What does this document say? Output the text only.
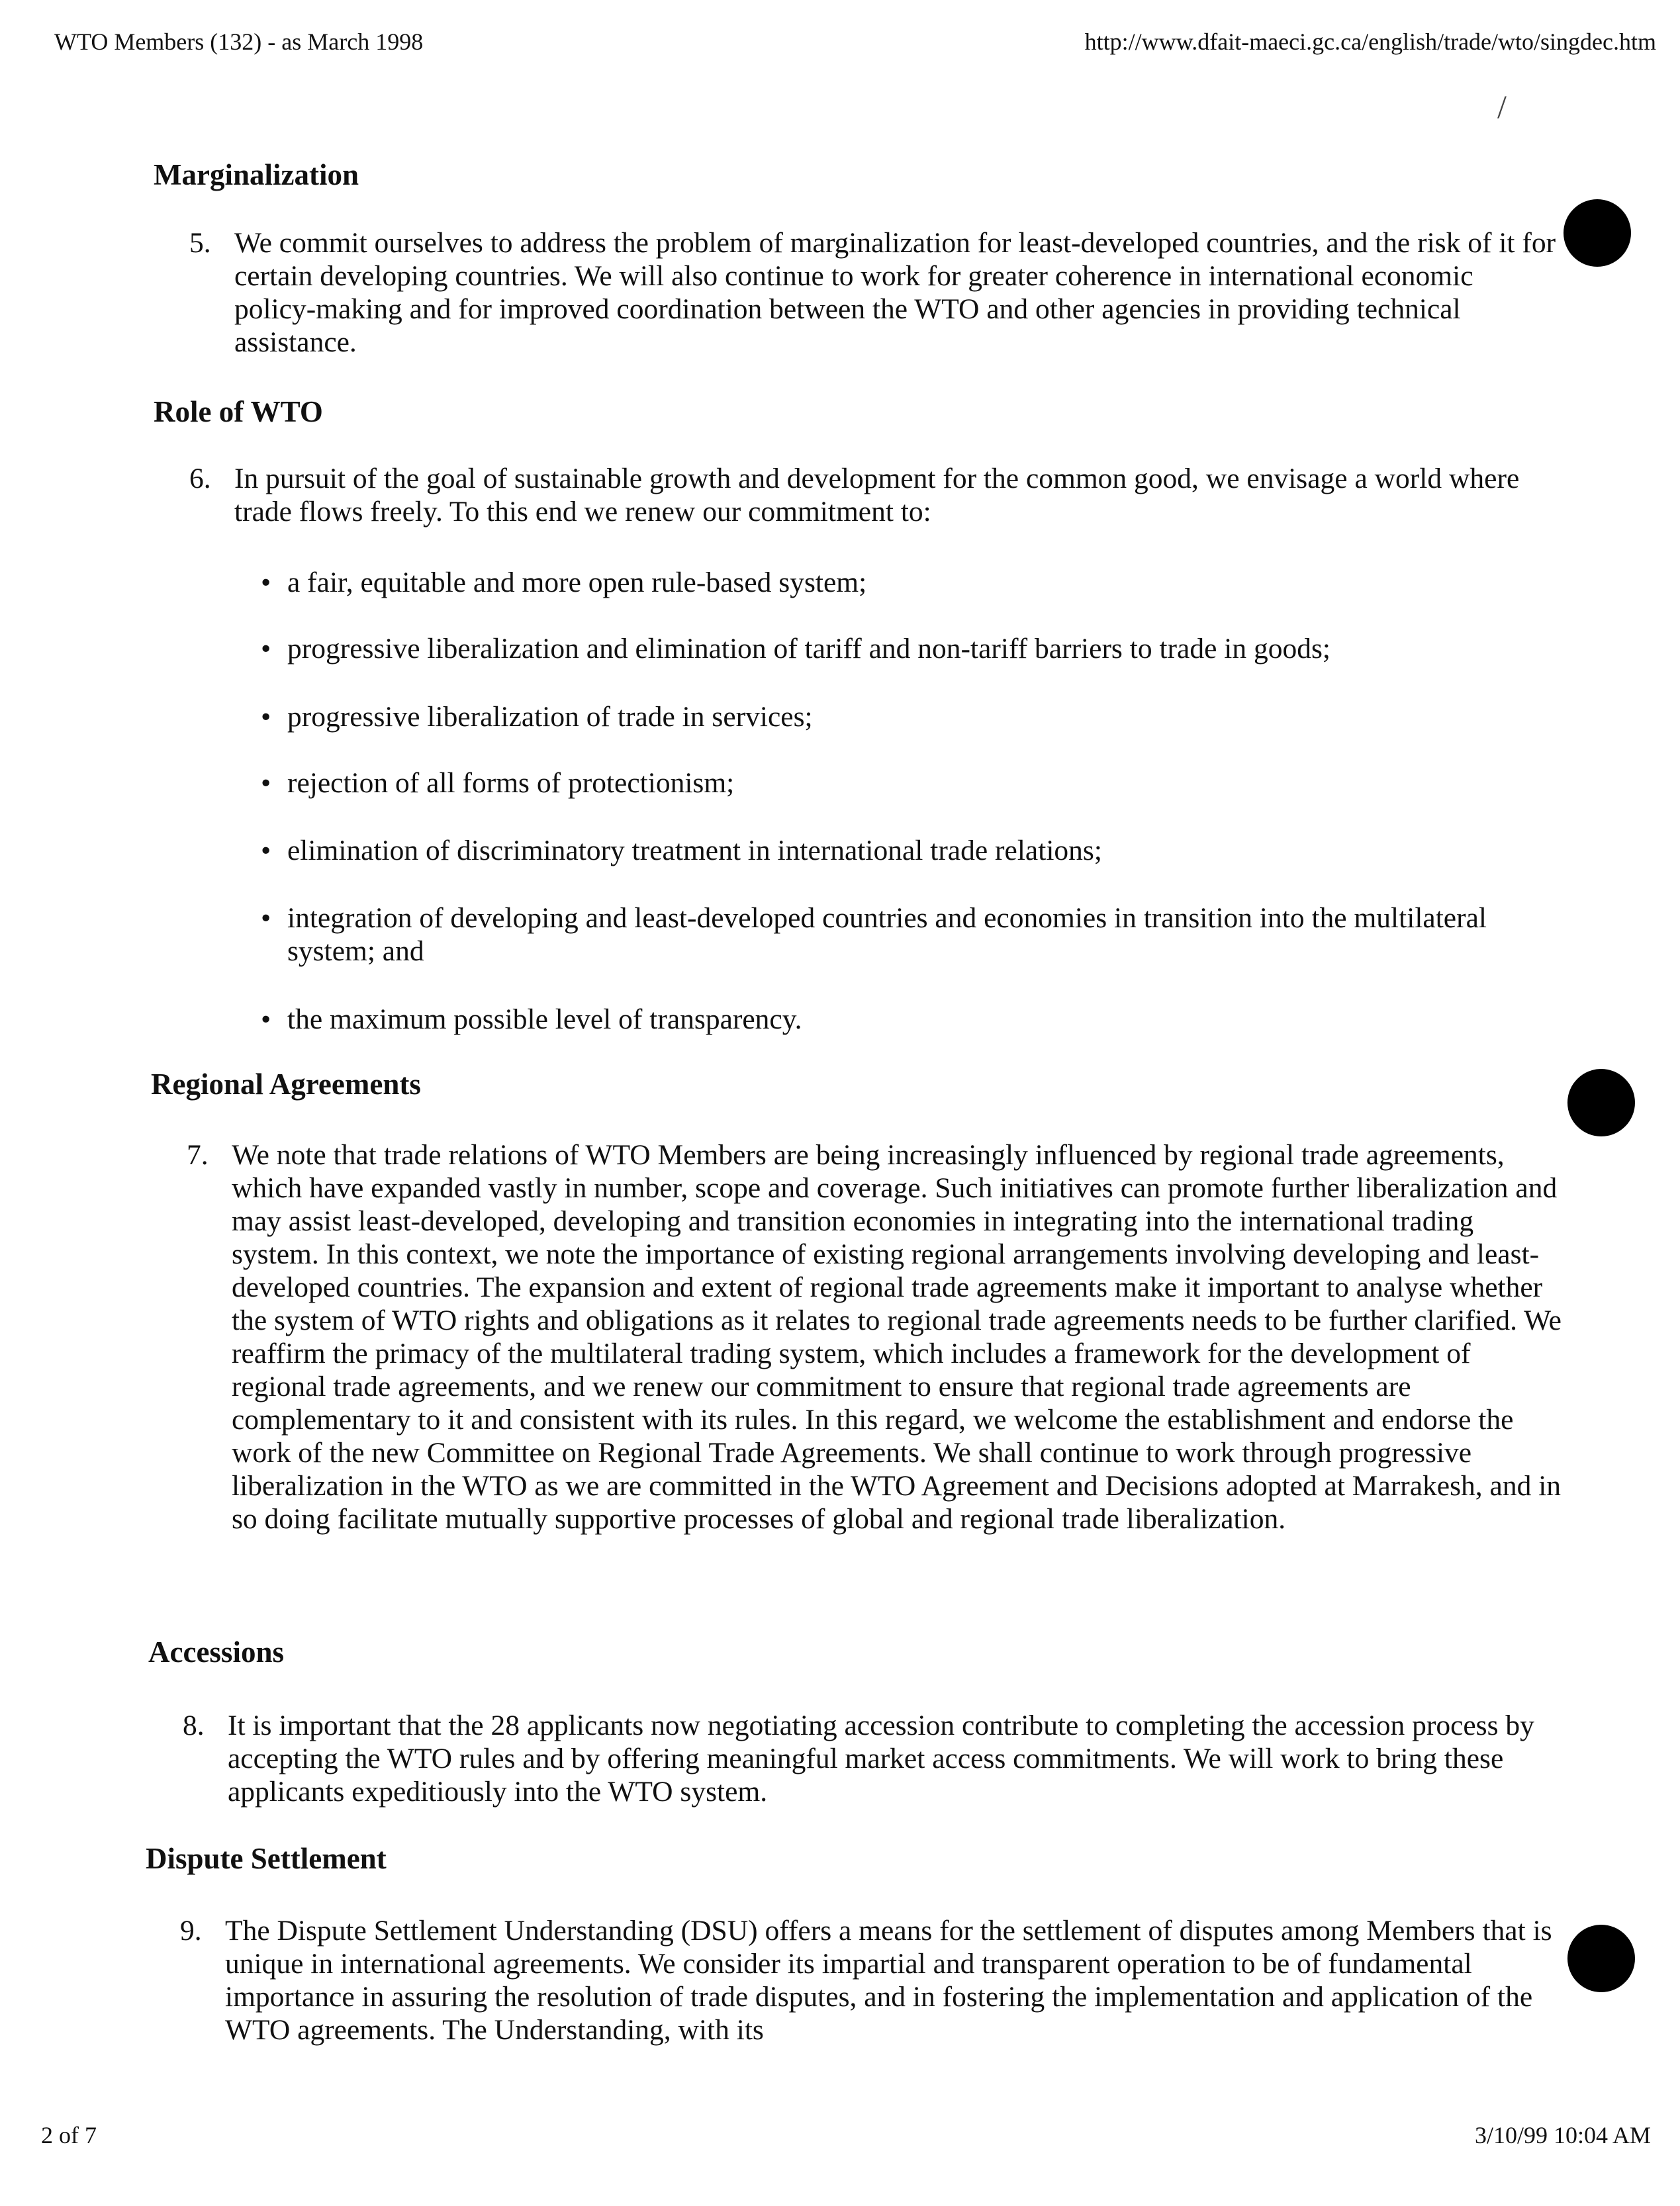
WTO Members (132) - as March 1998	http://www.dfait-maeci.gc.ca/english/trade/wto/singdec.htm
/
Marginalization
5. We commit ourselves to address the problem of marginalization for least-developed countries, and the risk of it for certain developing countries. We will also continue to work for greater coherence in international economic policy-making and for improved coordination between the WTO and other agencies in providing technical assistance.
Role of WTO
6. In pursuit of the goal of sustainable growth and development for the common good, we envisage a world where trade flows freely. To this end we renew our commitment to:
• a fair, equitable and more open rule-based system;
• progressive liberalization and elimination of tariff and non-tariff barriers to trade in goods;
• progressive liberalization of trade in services;
• rejection of all forms of protectionism;
• elimination of discriminatory treatment in international trade relations;
• integration of developing and least-developed countries and economies in transition into the multilateral system; and
• the maximum possible level of transparency.
Regional Agreements
7. We note that trade relations of WTO Members are being increasingly influenced by regional trade agreements, which have expanded vastly in number, scope and coverage. Such initiatives can promote further liberalization and may assist least-developed, developing and transition economies in integrating into the international trading system. In this context, we note the importance of existing regional arrangements involving developing and least-developed countries. The expansion and extent of regional trade agreements make it important to analyse whether the system of WTO rights and obligations as it relates to regional trade agreements needs to be further clarified. We reaffirm the primacy of the multilateral trading system, which includes a framework for the development of regional trade agreements, and we renew our commitment to ensure that regional trade agreements are complementary to it and consistent with its rules. In this regard, we welcome the establishment and endorse the work of the new Committee on Regional Trade Agreements. We shall continue to work through progressive liberalization in the WTO as we are committed in the WTO Agreement and Decisions adopted at Marrakesh, and in so doing facilitate mutually supportive processes of global and regional trade liberalization.
Accessions
8. It is important that the 28 applicants now negotiating accession contribute to completing the accession process by accepting the WTO rules and by offering meaningful market access commitments. We will work to bring these applicants expeditiously into the WTO system.
Dispute Settlement
9. The Dispute Settlement Understanding (DSU) offers a means for the settlement of disputes among Members that is unique in international agreements. We consider its impartial and transparent operation to be of fundamental importance in assuring the resolution of trade disputes, and in fostering the implementation and application of the WTO agreements. The Understanding, with its
2 of 7	3/10/99 10:04 AM
